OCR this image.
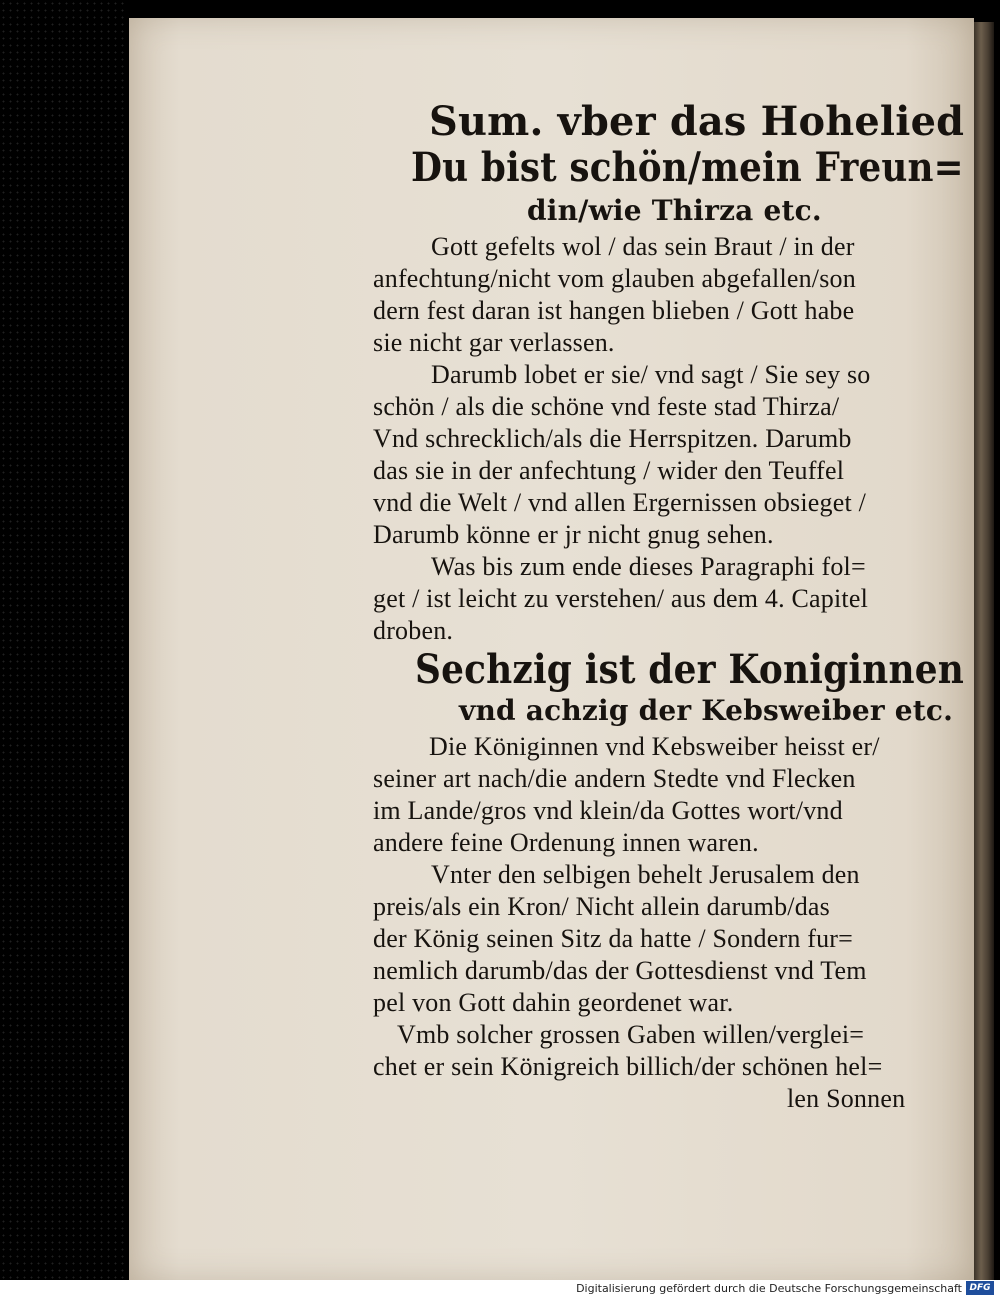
Sum. vber das Hohelied
Du bist schön/mein Freun=
din/wie Thirza etc.
Gott gefelts wol / das sein Braut / in der
anfechtung/nicht vom glauben abgefallen/son
dern fest daran ist hangen blieben / Gott habe
sie nicht gar verlassen.
Darumb lobet er sie/ vnd sagt / Sie sey so
schön / als die schöne vnd feste stad Thirza/
Vnd schrecklich/als die Herrspitzen. Darumb
das sie in der anfechtung / wider den Teuffel
vnd die Welt / vnd allen Ergernissen obsieget /
Darumb könne er jr nicht gnug sehen.
Was bis zum ende dieses Paragraphi fol=
get / ist leicht zu verstehen/ aus dem 4. Capitel
droben.
Sechzig ist der Koniginnen
vnd achzig der Kebsweiber etc.
Die Königinnen vnd Kebsweiber heisst er/
seiner art nach/die andern Stedte vnd Flecken
im Lande/gros vnd klein/da Gottes wort/vnd
andere feine Ordenung innen waren.
Vnter den selbigen behelt Jerusalem den
preis/als ein Kron/ Nicht allein darumb/das
der König seinen Sitz da hatte / Sondern fur=
nemlich darumb/das der Gottesdienst vnd Tem
pel von Gott dahin geordenet war.
Vmb solcher grossen Gaben willen/verglei=
chet er sein Königreich billich/der schönen hel=
len Sonnen
Digitalisierung gefördert durch die Deutsche Forschungsgemeinschaft DFG
